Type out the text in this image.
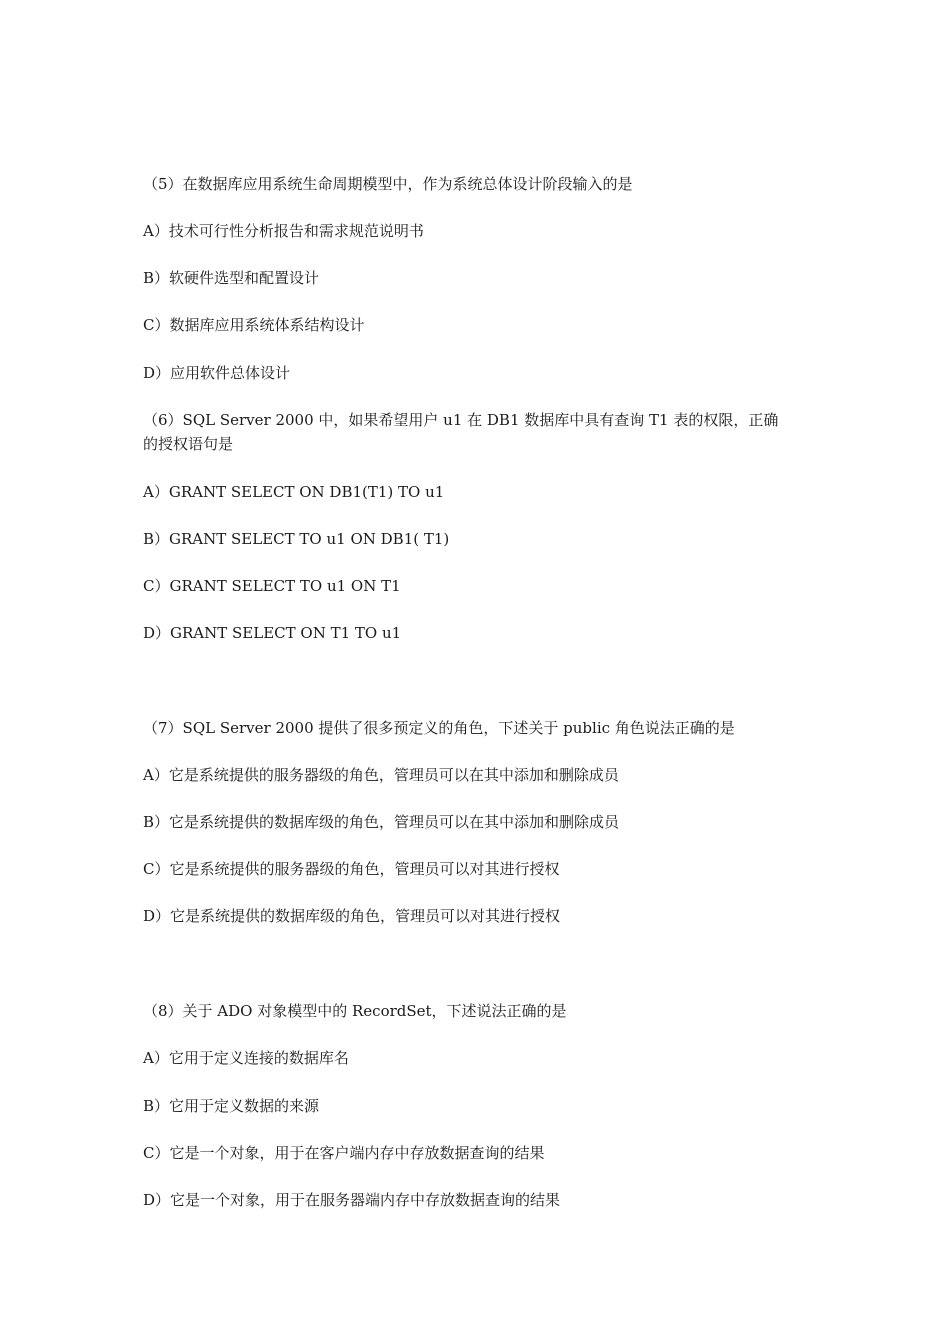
（5）在数据库应用系统生命周期模型中，作为系统总体设计阶段输入的是
A）技术可行性分析报告和需求规范说明书
B）软硬件选型和配置设计
C）数据库应用系统体系结构设计
D）应用软件总体设计
（6）SQL Server 2000 中，如果希望用户 u1 在 DB1 数据库中具有查询 T1 表的权限，正确
的授权语句是
A）GRANT SELECT ON DB1(T1) TO u1
B）GRANT SELECT TO u1 ON DB1( T1)
C）GRANT SELECT TO u1 ON T1
D）GRANT SELECT ON T1 TO u1
（7）SQL Server 2000 提供了很多预定义的角色，下述关于 public 角色说法正确的是
A）它是系统提供的服务器级的角色，管理员可以在其中添加和删除成员
B）它是系统提供的数据库级的角色，管理员可以在其中添加和删除成员
C）它是系统提供的服务器级的角色，管理员可以对其进行授权
D）它是系统提供的数据库级的角色，管理员可以对其进行授权
（8）关于 ADO 对象模型中的 RecordSet，下述说法正确的是
A）它用于定义连接的数据库名
B）它用于定义数据的来源
C）它是一个对象，用于在客户端内存中存放数据查询的结果
D）它是一个对象，用于在服务器端内存中存放数据查询的结果
